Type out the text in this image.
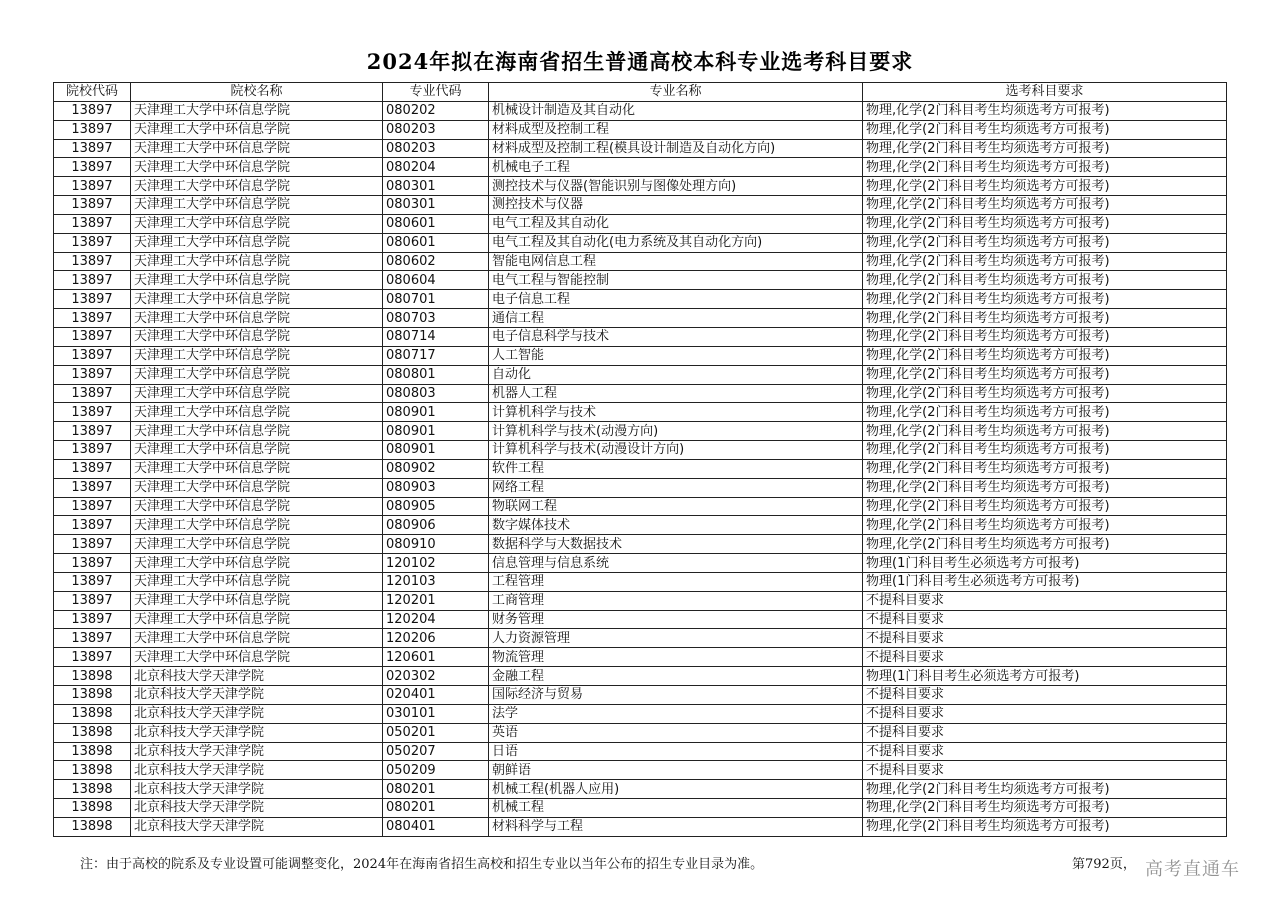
2024年拟在海南省招生普通高校本科专业选考科目要求
院校代码	院校名称	专业代码	专业名称	选考科目要求
13897	天津理工大学中环信息学院	080202	机械设计制造及其自动化	物理,化学(2门科目考生均须选考方可报考)
13897	天津理工大学中环信息学院	080203	材料成型及控制工程	物理,化学(2门科目考生均须选考方可报考)
13897	天津理工大学中环信息学院	080203	材料成型及控制工程(模具设计制造及自动化方向)	物理,化学(2门科目考生均须选考方可报考)
13897	天津理工大学中环信息学院	080204	机械电子工程	物理,化学(2门科目考生均须选考方可报考)
13897	天津理工大学中环信息学院	080301	测控技术与仪器(智能识别与图像处理方向)	物理,化学(2门科目考生均须选考方可报考)
13897	天津理工大学中环信息学院	080301	测控技术与仪器	物理,化学(2门科目考生均须选考方可报考)
13897	天津理工大学中环信息学院	080601	电气工程及其自动化	物理,化学(2门科目考生均须选考方可报考)
13897	天津理工大学中环信息学院	080601	电气工程及其自动化(电力系统及其自动化方向)	物理,化学(2门科目考生均须选考方可报考)
13897	天津理工大学中环信息学院	080602	智能电网信息工程	物理,化学(2门科目考生均须选考方可报考)
13897	天津理工大学中环信息学院	080604	电气工程与智能控制	物理,化学(2门科目考生均须选考方可报考)
13897	天津理工大学中环信息学院	080701	电子信息工程	物理,化学(2门科目考生均须选考方可报考)
13897	天津理工大学中环信息学院	080703	通信工程	物理,化学(2门科目考生均须选考方可报考)
13897	天津理工大学中环信息学院	080714	电子信息科学与技术	物理,化学(2门科目考生均须选考方可报考)
13897	天津理工大学中环信息学院	080717	人工智能	物理,化学(2门科目考生均须选考方可报考)
13897	天津理工大学中环信息学院	080801	自动化	物理,化学(2门科目考生均须选考方可报考)
13897	天津理工大学中环信息学院	080803	机器人工程	物理,化学(2门科目考生均须选考方可报考)
13897	天津理工大学中环信息学院	080901	计算机科学与技术	物理,化学(2门科目考生均须选考方可报考)
13897	天津理工大学中环信息学院	080901	计算机科学与技术(动漫方向)	物理,化学(2门科目考生均须选考方可报考)
13897	天津理工大学中环信息学院	080901	计算机科学与技术(动漫设计方向)	物理,化学(2门科目考生均须选考方可报考)
13897	天津理工大学中环信息学院	080902	软件工程	物理,化学(2门科目考生均须选考方可报考)
13897	天津理工大学中环信息学院	080903	网络工程	物理,化学(2门科目考生均须选考方可报考)
13897	天津理工大学中环信息学院	080905	物联网工程	物理,化学(2门科目考生均须选考方可报考)
13897	天津理工大学中环信息学院	080906	数字媒体技术	物理,化学(2门科目考生均须选考方可报考)
13897	天津理工大学中环信息学院	080910	数据科学与大数据技术	物理,化学(2门科目考生均须选考方可报考)
13897	天津理工大学中环信息学院	120102	信息管理与信息系统	物理(1门科目考生必须选考方可报考)
13897	天津理工大学中环信息学院	120103	工程管理	物理(1门科目考生必须选考方可报考)
13897	天津理工大学中环信息学院	120201	工商管理	不提科目要求
13897	天津理工大学中环信息学院	120204	财务管理	不提科目要求
13897	天津理工大学中环信息学院	120206	人力资源管理	不提科目要求
13897	天津理工大学中环信息学院	120601	物流管理	不提科目要求
13898	北京科技大学天津学院	020302	金融工程	物理(1门科目考生必须选考方可报考)
13898	北京科技大学天津学院	020401	国际经济与贸易	不提科目要求
13898	北京科技大学天津学院	030101	法学	不提科目要求
13898	北京科技大学天津学院	050201	英语	不提科目要求
13898	北京科技大学天津学院	050207	日语	不提科目要求
13898	北京科技大学天津学院	050209	朝鲜语	不提科目要求
13898	北京科技大学天津学院	080201	机械工程(机器人应用)	物理,化学(2门科目考生均须选考方可报考)
13898	北京科技大学天津学院	080201	机械工程	物理,化学(2门科目考生均须选考方可报考)
13898	北京科技大学天津学院	080401	材料科学与工程	物理,化学(2门科目考生均须选考方可报考)
注：由于高校的院系及专业设置可能调整变化，2024年在海南省招生高校和招生专业以当年公布的招生专业目录为准。	第792页， 高考直通车
